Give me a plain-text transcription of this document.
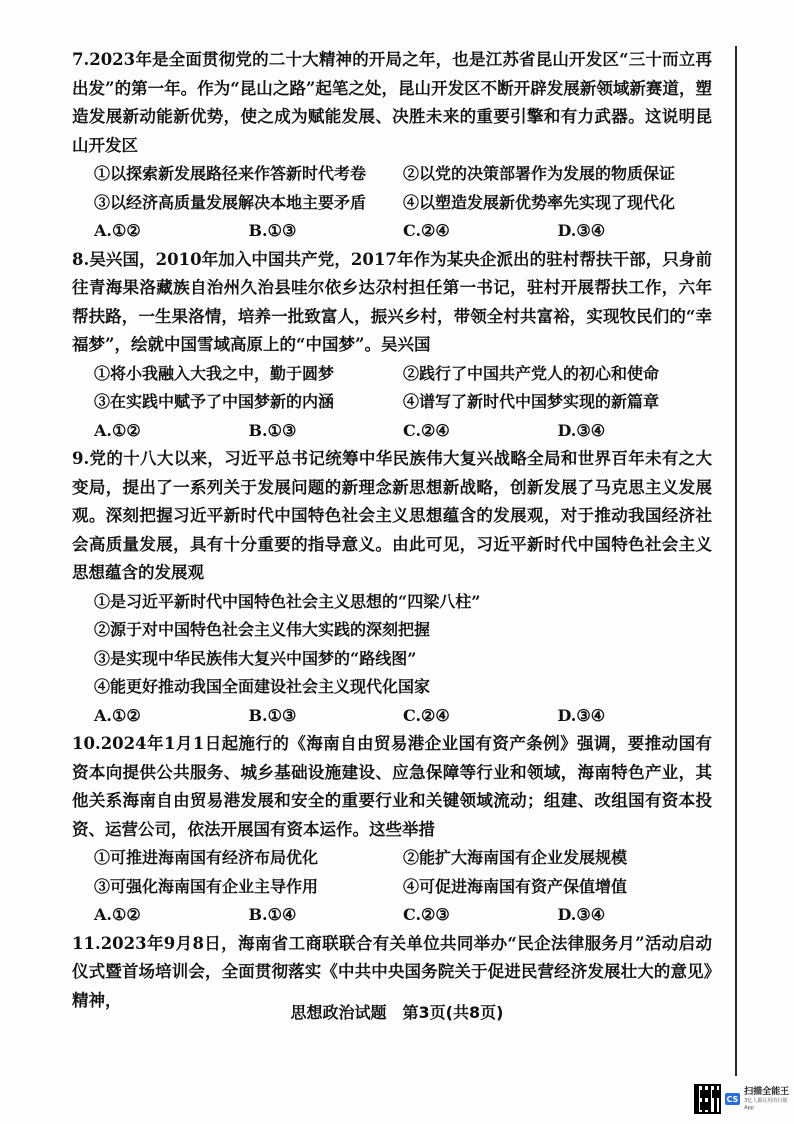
7.2023年是全面贯彻党的二十大精神的开局之年，也是江苏省昆山开发区“三十而立再出发”的第一年。作为“昆山之路”起笔之处，昆山开发区不断开辟发展新领域新赛道，塑造发展新动能新优势，使之成为赋能发展、决胜未来的重要引擎和有力武器。这说明昆山开发区

①以探索新发展路径来作答新时代考卷	②以党的决策部署作为发展的物质保证
③以经济高质量发展解决本地主要矛盾	④以塑造发展新优势率先实现了现代化
A.①②	B.①③	C.②④	D.③④

8.吴兴国，2010年加入中国共产党，2017年作为某央企派出的驻村帮扶干部，只身前往青海果洛藏族自治州久治县哇尔依乡达尕村担任第一书记，驻村开展帮扶工作，六年帮扶路，一生果洛情，培养一批致富人，振兴乡村，带领全村共富裕，实现牧民们的“幸福梦”，绘就中国雪域高原上的“中国梦”。吴兴国

①将小我融入大我之中，勤于圆梦	②践行了中国共产党人的初心和使命
③在实践中赋予了中国梦新的内涵	④谱写了新时代中国梦实现的新篇章
A.①②	B.①③	C.②④	D.③④

9.党的十八大以来，习近平总书记统筹中华民族伟大复兴战略全局和世界百年未有之大变局，提出了一系列关于发展问题的新理念新思想新战略，创新发展了马克思主义发展观。深刻把握习近平新时代中国特色社会主义思想蕴含的发展观，对于推动我国经济社会高质量发展，具有十分重要的指导意义。由此可见，习近平新时代中国特色社会主义思想蕴含的发展观

①是习近平新时代中国特色社会主义思想的“四梁八柱”
②源于对中国特色社会主义伟大实践的深刻把握
③是实现中华民族伟大复兴中国梦的“路线图”
④能更好推动我国全面建设社会主义现代化国家
A.①②	B.①③	C.②④	D.③④

10.2024年1月1日起施行的《海南自由贸易港企业国有资产条例》强调，要推动国有资本向提供公共服务、城乡基础设施建设、应急保障等行业和领域，海南特色产业，其他关系海南自由贸易港发展和安全的重要行业和关键领域流动；组建、改组国有资本投资、运营公司，依法开展国有资本运作。这些举措

①可推进海南国有经济布局优化	②能扩大海南国有企业发展规模
③可强化海南国有企业主导作用	④可促进海南国有资产保值增值
A.①②	B.①④	C.②③	D.③④

11.2023年9月8日，海南省工商联联合有关单位共同举办“民企法律服务月”活动启动仪式暨首场培训会，全面贯彻落实《中共中央国务院关于促进民营经济发展壮大的意见》精神，

思想政治试题　第3页(共8页)
CS
扫描全能王
3亿人都在用的扫描App
